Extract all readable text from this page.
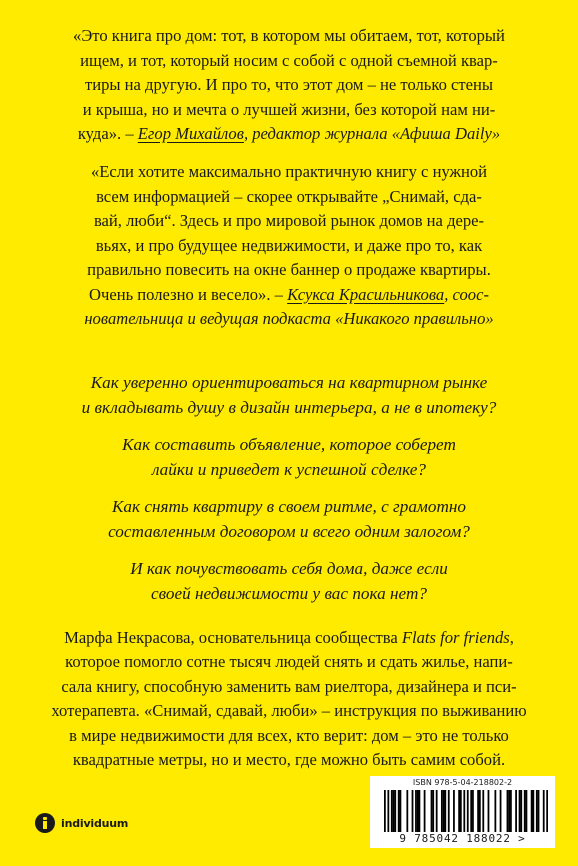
«Это книга про дом: тот, в котором мы обитаем, тот, который
ищем, и тот, который носим с собой с одной съемной квар-
тиры на другую. И про то, что этот дом – не только стены
и крыша, но и мечта о лучшей жизни, без которой нам ни-
куда». – Егор Михайлов, редактор журнала «Афиша Daily»
«Если хотите максимально практичную книгу с нужной
всем информацией – скорее открывайте „Снимай, сда-
вай, люби“. Здесь и про мировой рынок домов на дере-
вьях, и про будущее недвижимости, и даже про то, как
правильно повесить на окне баннер о продаже квартиры.
Очень полезно и весело». – Ксукса Красильникова, соос-
новательница и ведущая подкаста «Никакого правильно»
Как уверенно ориентироваться на квартирном рынке
и вкладывать душу в дизайн интерьера, а не в ипотеку?
Как составить объявление, которое соберет
лайки и приведет к успешной сделке?
Как снять квартиру в своем ритме, с грамотно
составленным договором и всего одним залогом?
И как почувствовать себя дома, даже если
своей недвижимости у вас пока нет?
Марфа Некрасова, основательница сообщества Flats for friends,
которое помогло сотне тысяч людей снять и сдать жилье, напи-
сала книгу, способную заменить вам риелтора, дизайнера и пси-
хотерапевта. «Снимай, сдавай, люби» – инструкция по выживанию
в мире недвижимости для всех, кто верит: дом – это не только
квадратные метры, но и место, где можно быть самим собой.
individuum
ISBN 978-5-04-218802-2
9 785042 188022 >
